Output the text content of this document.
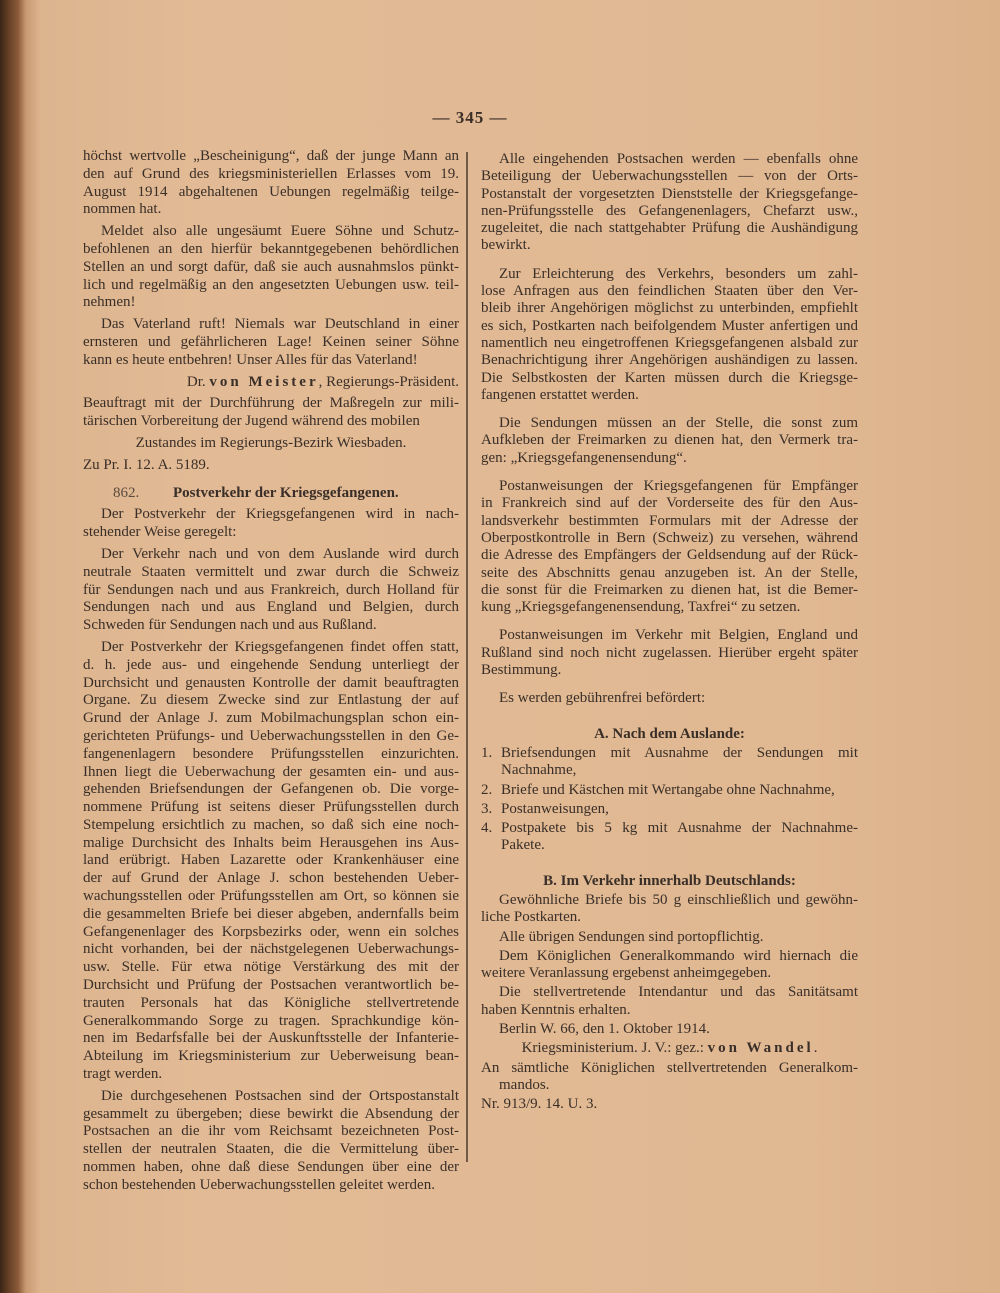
— 345 —
höchst wertvolle „Bescheinigung“, daß der junge Mann an
den auf Grund des kriegsministeriellen Erlasses vom 19.
August 1914 abgehaltenen Uebungen regelmäßig teilge-
nommen hat.
Meldet also alle ungesäumt Euere Söhne und Schutz-
befohlenen an den hierfür bekanntgegebenen behördlichen
Stellen an und sorgt dafür, daß sie auch ausnahmslos pünkt-
lich und regelmäßig an den angesetzten Uebungen usw. teil-
nehmen!
Das Vaterland ruft! Niemals war Deutschland in einer
ernsteren und gefährlicheren Lage! Keinen seiner Söhne
kann es heute entbehren! Unser Alles für das Vaterland!
Dr. von Meister, Regierungs-Präsident.
Beauftragt mit der Durchführung der Maßregeln zur mili-
tärischen Vorbereitung der Jugend während des mobilen
Zustandes im Regierungs-Bezirk Wiesbaden.
Zu Pr. I. 12. A. 5189.
862. Postverkehr der Kriegsgefangenen.
Der Postverkehr der Kriegsgefangenen wird in nach-
stehender Weise geregelt:
Der Verkehr nach und von dem Auslande wird durch
neutrale Staaten vermittelt und zwar durch die Schweiz
für Sendungen nach und aus Frankreich, durch Holland für
Sendungen nach und aus England und Belgien, durch
Schweden für Sendungen nach und aus Rußland.
Der Postverkehr der Kriegsgefangenen findet offen statt,
d. h. jede aus- und eingehende Sendung unterliegt der
Durchsicht und genausten Kontrolle der damit beauftragten
Organe. Zu diesem Zwecke sind zur Entlastung der auf
Grund der Anlage J. zum Mobilmachungsplan schon ein-
gerichteten Prüfungs- und Ueberwachungsstellen in den Ge-
fangenenlagern besondere Prüfungsstellen einzurichten.
Ihnen liegt die Ueberwachung der gesamten ein- und aus-
gehenden Briefsendungen der Gefangenen ob. Die vorge-
nommene Prüfung ist seitens dieser Prüfungsstellen durch
Stempelung ersichtlich zu machen, so daß sich eine noch-
malige Durchsicht des Inhalts beim Herausgehen ins Aus-
land erübrigt. Haben Lazarette oder Krankenhäuser eine
der auf Grund der Anlage J. schon bestehenden Ueber-
wachungsstellen oder Prüfungsstellen am Ort, so können sie
die gesammelten Briefe bei dieser abgeben, andernfalls beim
Gefangenenlager des Korpsbezirks oder, wenn ein solches
nicht vorhanden, bei der nächstgelegenen Ueberwachungs-
usw. Stelle. Für etwa nötige Verstärkung des mit der
Durchsicht und Prüfung der Postsachen verantwortlich be-
trauten Personals hat das Königliche stellvertretende
Generalkommando Sorge zu tragen. Sprachkundige kön-
nen im Bedarfsfalle bei der Auskunftsstelle der Infanterie-
Abteilung im Kriegsministerium zur Ueberweisung bean-
tragt werden.
Die durchgesehenen Postsachen sind der Ortspostanstalt
gesammelt zu übergeben; diese bewirkt die Absendung der
Postsachen an die ihr vom Reichsamt bezeichneten Post-
stellen der neutralen Staaten, die die Vermittelung über-
nommen haben, ohne daß diese Sendungen über eine der
schon bestehenden Ueberwachungsstellen geleitet werden.
Alle eingehenden Postsachen werden — ebenfalls ohne
Beteiligung der Ueberwachungsstellen — von der Orts-
Postanstalt der vorgesetzten Dienststelle der Kriegsgefange-
nen-Prüfungsstelle des Gefangenenlagers, Chefarzt usw.,
zugeleitet, die nach stattgehabter Prüfung die Aushändigung
bewirkt.
Zur Erleichterung des Verkehrs, besonders um zahl-
lose Anfragen aus den feindlichen Staaten über den Ver-
bleib ihrer Angehörigen möglichst zu unterbinden, empfiehlt
es sich, Postkarten nach beifolgendem Muster anfertigen und
namentlich neu eingetroffenen Kriegsgefangenen alsbald zur
Benachrichtigung ihrer Angehörigen aushändigen zu lassen.
Die Selbstkosten der Karten müssen durch die Kriegsge-
fangenen erstattet werden.
Die Sendungen müssen an der Stelle, die sonst zum
Aufkleben der Freimarken zu dienen hat, den Vermerk tra-
gen: „Kriegsgefangenensendung“.
Postanweisungen der Kriegsgefangenen für Empfänger
in Frankreich sind auf der Vorderseite des für den Aus-
landsverkehr bestimmten Formulars mit der Adresse der
Oberpostkontrolle in Bern (Schweiz) zu versehen, während
die Adresse des Empfängers der Geldsendung auf der Rück-
seite des Abschnitts genau anzugeben ist. An der Stelle,
die sonst für die Freimarken zu dienen hat, ist die Bemer-
kung „Kriegsgefangenensendung, Taxfrei“ zu setzen.
Postanweisungen im Verkehr mit Belgien, England und
Rußland sind noch nicht zugelassen. Hierüber ergeht später
Bestimmung.
Es werden gebührenfrei befördert:
A. Nach dem Auslande:
1. Briefsendungen mit Ausnahme der Sendungen mit
Nachnahme,
2. Briefe und Kästchen mit Wertangabe ohne Nachnahme,
3. Postanweisungen,
4. Postpakete bis 5 kg mit Ausnahme der Nachnahme-
Pakete.
B. Im Verkehr innerhalb Deutschlands:
Gewöhnliche Briefe bis 50 g einschließlich und gewöhn-
liche Postkarten.
Alle übrigen Sendungen sind portopflichtig.
Dem Königlichen Generalkommando wird hiernach die
weitere Veranlassung ergebenst anheimgegeben.
Die stellvertretende Intendantur und das Sanitätsamt
haben Kenntnis erhalten.
Berlin W. 66, den 1. Oktober 1914.
Kriegsministerium. J. V.: gez.: von Wandel.
An sämtliche Königlichen stellvertretenden Generalkom-
mandos.
Nr. 913/9. 14. U. 3.
